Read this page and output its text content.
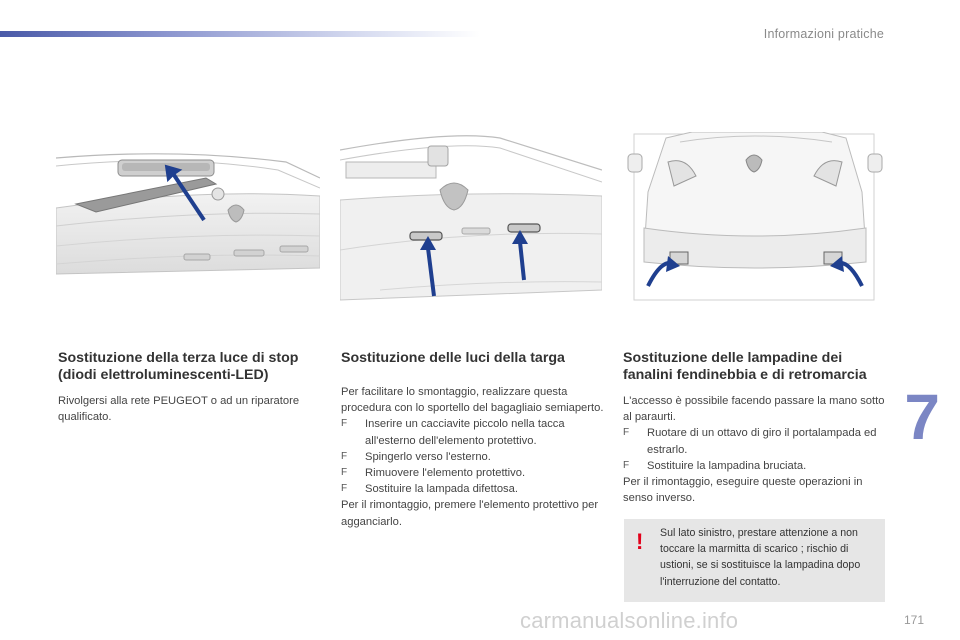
Informazioni pratiche
Sostituzione della terza luce di stop (diodi elettroluminescenti-LED)

Rivolgersi alla rete PEUGEOT o ad un riparatore qualificato.

Sostituzione delle luci della targa

Per facilitare lo smontaggio, realizzare questa procedura con lo sportello del bagagliaio semiaperto.

F Inserire un cacciavite piccolo nella tacca all'esterno dell'elemento protettivo.
F Spingerlo verso l'esterno.
F Rimuovere l'elemento protettivo.
F Sostituire la lampada difettosa.

Per il rimontaggio, premere l'elemento protettivo per agganciarlo.

Sostituzione delle lampadine dei fanalini fendinebbia e di retromarcia

L'accesso è possibile facendo passare la mano sotto al paraurti.

F Ruotare di un ottavo di giro il portalampada ed estrarlo.
F Sostituire la lampadina bruciata.

Per il rimontaggio, eseguire queste operazioni in senso inverso.

! Sul lato sinistro, prestare attenzione a non toccare la marmitta di scarico ; rischio di ustioni, se si sostituisce la lampadina dopo l'interruzione del contatto.
7
carmanualsonline.info	171
